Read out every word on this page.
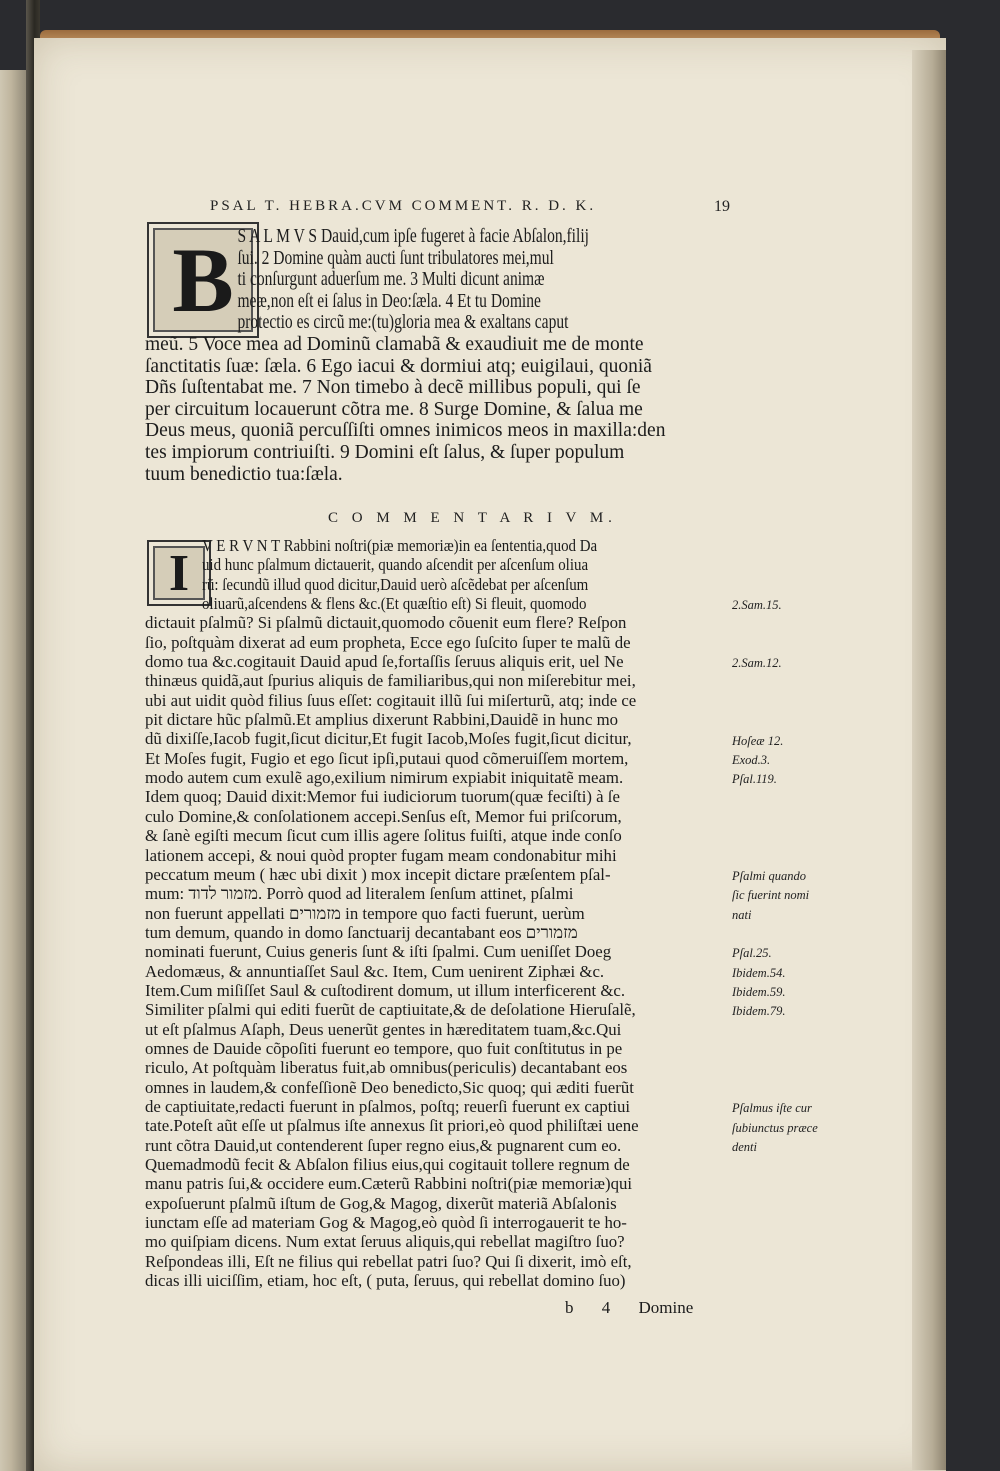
PSAL T. HEBRA.CVM COMMENT. R. D. K.	19
B S A L M V S Dauid,cum ipſe fugeret à facie Abſalon,filij
ſui. 2 Domine quàm aucti ſunt tribulatores mei,mul
ti conſurgunt aduerſum me. 3 Multi dicunt animæ
meæ,non eſt ei ſalus in Deo:ſæla. 4 Et tu Domine
protectio es circũ me:(tu)gloria mea & exaltans caput
meũ. 5 Voce mea ad Dominũ clamabã & exaudiuit me de monte
ſanctitatis ſuæ: ſæla. 6 Ego iacui & dormiui atq; euigilaui, quoniã
Dñs ſuſtentabat me. 7 Non timebo à decẽ millibus populi, qui ſe
per circuitum locauerunt cõtra me. 8 Surge Domine, & ſalua me
Deus meus, quoniã percuſſiſti omnes inimicos meos in maxilla:den
tes impiorum contriuiſti. 9 Domini eſt ſalus, & ſuper populum
tuum benedictio tua:ſæla.
C O M M E N T A R I V M.
I V E R V N T Rabbini noſtri(piæ memoriæ)in ea ſententia,quod Da
uid hunc pſalmum dictauerit, quando aſcendit per aſcenſum oliua
rũ: ſecundũ illud quod dicitur,Dauid uerò aſcẽdebat per aſcenſum
oliuarũ,aſcendens & flens &c.(Et quæſtio eſt) Si fleuit, quomodo
dictauit pſalmũ? Si pſalmũ dictauit,quomodo cõuenit eum flere? Reſpon
ſio, poſtquàm dixerat ad eum propheta, Ecce ego ſuſcito ſuper te malũ de
domo tua &c.cogitauit Dauid apud ſe,fortaſſis ſeruus aliquis erit, uel Ne
thinæus quidã,aut ſpurius aliquis de familiaribus,qui non miſerebitur mei,
ubi aut uidit quòd filius ſuus eſſet: cogitauit illũ ſui miſerturũ, atq; inde ce
pit dictare hũc pſalmũ.Et amplius dixerunt Rabbini,Dauidẽ in hunc mo
dũ dixiſſe,Iacob fugit,ſicut dicitur,Et fugit Iacob,Moſes fugit,ſicut dicitur,
Et Moſes fugit, Fugio et ego ſicut ipſi,putaui quod cõmeruiſſem mortem,
modo autem cum exulẽ ago,exilium nimirum expiabit iniquitatẽ meam.
Idem quoq; Dauid dixit:Memor fui iudiciorum tuorum(quæ feciſti) à ſe
culo Domine,& conſolationem accepi.Senſus eſt, Memor fui priſcorum,
& ſanè egiſti mecum ſicut cum illis agere ſolitus fuiſti, atque inde conſo
lationem accepi, & noui quòd propter fugam meam condonabitur mihi
peccatum meum ( hæc ubi dixit ) mox incepit dictare præſentem pſal-
mum: מזמור לדוד. Porrò quod ad literalem ſenſum attinet, pſalmi
non fuerunt appellati מזמורים in tempore quo facti fuerunt, uerùm
tum demum, quando in domo ſanctuarij decantabant eos מזמורים
nominati fuerunt, Cuius generis ſunt & iſti ſpalmi. Cum ueniſſet Doeg
Aedomæus, & annuntiaſſet Saul &c. Item, Cum uenirent Ziphæi &c.
Item.Cum miſiſſet Saul & cuſtodirent domum, ut illum interficerent &c.
Similiter pſalmi qui editi fuerũt de captiuitate,& de deſolatione Hieruſalẽ,
ut eſt pſalmus Aſaph, Deus uenerũt gentes in hæreditatem tuam,&c.Qui
omnes de Dauide cõpoſiti fuerunt eo tempore, quo fuit conſtitutus in pe
riculo, At poſtquàm liberatus fuit,ab omnibus(periculis) decantabant eos
omnes in laudem,& confeſſionẽ Deo benedicto,Sic quoq; qui æditi fuerũt
de captiuitate,redacti fuerunt in pſalmos, poſtq; reuerſi fuerunt ex captiui
tate.Poteſt aũt eſſe ut pſalmus iſte annexus ſit priori,eò quod philiſtæi uene
runt cõtra Dauid,ut contenderent ſuper regno eius,& pugnarent cum eo.
Quemadmodũ fecit & Abſalon filius eius,qui cogitauit tollere regnum de
manu patris ſui,& occidere eum.Cæterũ Rabbini noſtri(piæ memoriæ)qui
expoſuerunt pſalmũ iſtum de Gog,& Magog, dixerũt materiã Abſalonis
iunctam eſſe ad materiam Gog & Magog,eò quòd ſi interrogauerit te ho-
mo quiſpiam dicens. Num extat ſeruus aliquis,qui rebellat magiſtro ſuo?
Reſpondeas illi, Eſt ne filius qui rebellat patri ſuo? Qui ſi dixerit, imò eſt,
dicas illi uiciſſim, etiam, hoc eſt, ( puta, ſeruus, qui rebellat domino ſuo)
2.Sam.15.
2.Sam.12.
Hoſeæ 12.
Exod.3.
Pſal.119.
Pſalmi quando
ſic fuerint nomi
nati
Pſal.25.
Ibidem.54.
Ibidem.59.
Ibidem.79.
Pſalmus iſte cur
ſubiunctus præce
denti
b 4 Domine
